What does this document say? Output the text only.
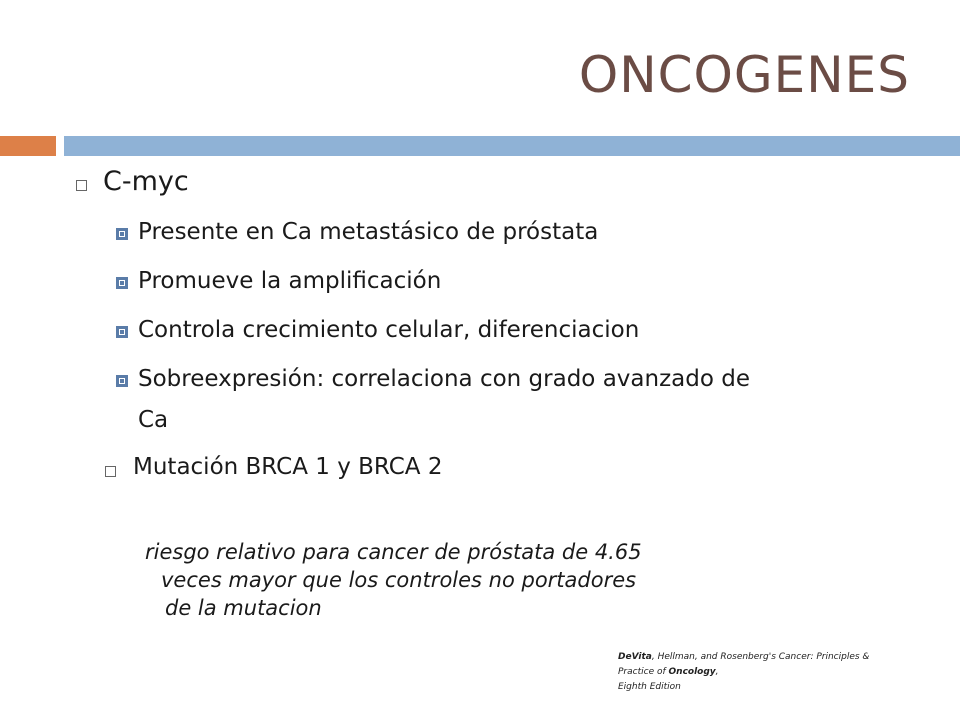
ONCOGENES
C-myc
Presente en Ca metastásico de próstata
Promueve la amplificación
Controla crecimiento celular, diferenciacion
Sobreexpresión: correlaciona con grado avanzado de
Ca
Mutación BRCA 1 y BRCA 2
riesgo relativo para cancer de próstata de 4.65
veces mayor que los controles no portadores
de la mutacion
DeVita, Hellman, and Rosenberg's Cancer: Principles &
Practice of Oncology,
Eighth Edition
